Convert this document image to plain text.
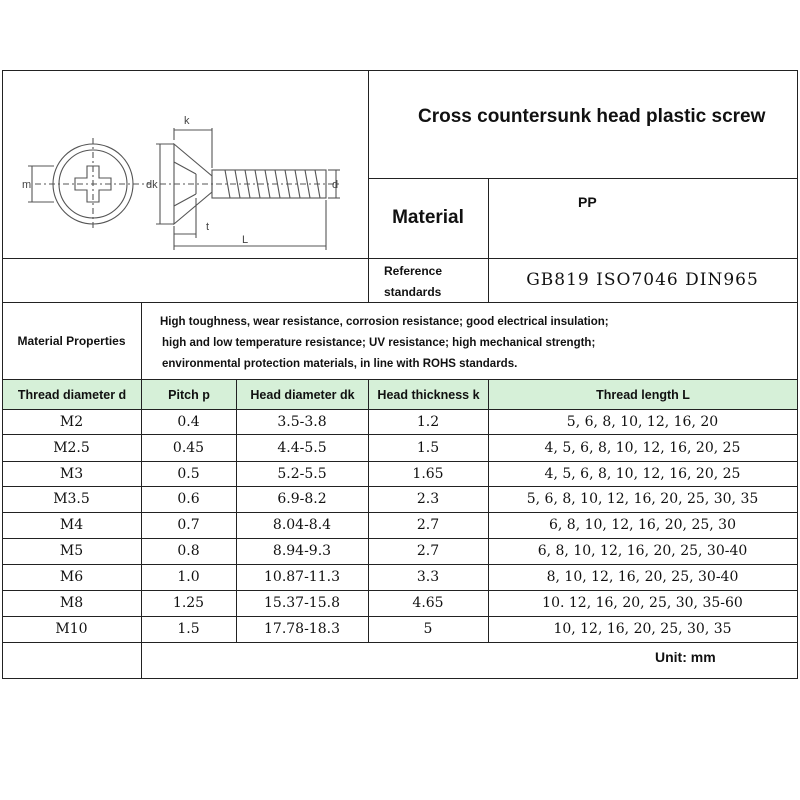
k
m	dk	d
t
L
Cross countersunk head plastic screw
Material
PP
Reference
standards
GB819 ISO7046 DIN965
Material Properties
High toughness, wear resistance, corrosion resistance; good electrical insulation;
high and low temperature resistance; UV resistance; high mechanical strength;
environmental protection materials, in line with ROHS standards.
Thread diameter d	Pitch p	Head diameter dk	Head thickness k	Thread length L
M2	0.4	3.5-3.8	1.2	5, 6, 8, 10, 12, 16, 20
M2.5	0.45	4.4-5.5	1.5	4, 5, 6, 8, 10, 12, 16, 20, 25
M3	0.5	5.2-5.5	1.65	4, 5, 6, 8, 10, 12, 16, 20, 25
M3.5	0.6	6.9-8.2	2.3	5, 6, 8, 10, 12, 16, 20, 25, 30, 35
M4	0.7	8.04-8.4	2.7	6, 8, 10, 12, 16, 20, 25, 30
M5	0.8	8.94-9.3	2.7	6, 8, 10, 12, 16, 20, 25, 30-40
M6	1.0	10.87-11.3	3.3	8, 10, 12, 16, 20, 25, 30-40
M8	1.25	15.37-15.8	4.65	10. 12, 16, 20, 25, 30, 35-60
M10	1.5	17.78-18.3	5	10, 12, 16, 20, 25, 30, 35
Unit: mm
